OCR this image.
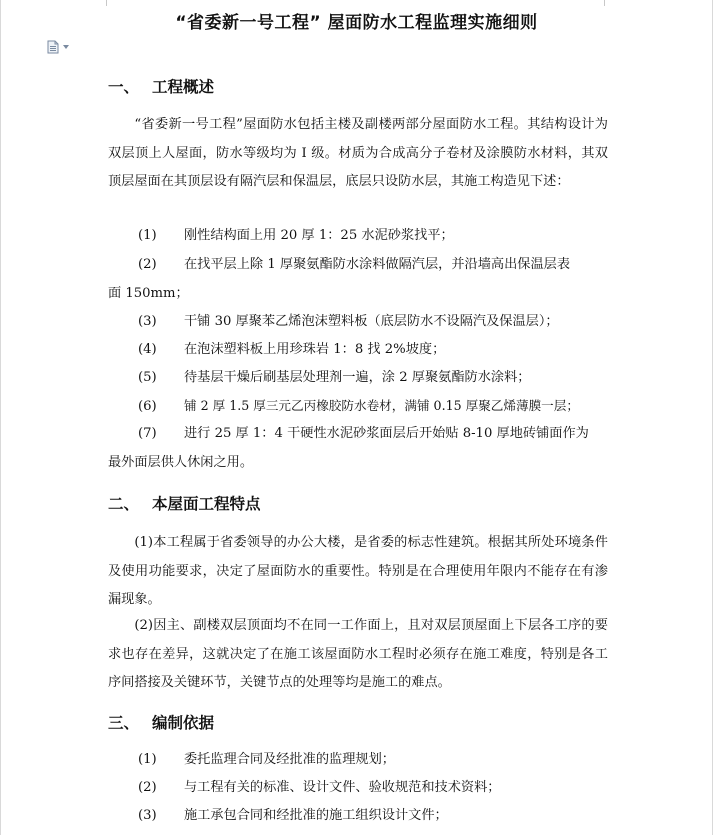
“省委新一号工程” 屋面防水工程监理实施细则
一、 工程概述
“省委新一号工程”屋面防水包括主楼及副楼两部分屋面防水工程。其结构设计为双层顶上人屋面，防水等级均为 I 级。材质为合成高分子卷材及涂膜防水材料，其双顶层屋面在其顶层设有隔汽层和保温层，底层只设防水层，其施工构造见下述：
(1) 刚性结构面上用 20 厚 1：25 水泥砂浆找平；
(2) 在找平层上除 1 厚聚氨酯防水涂料做隔汽层，并沿墙高出保温层表
面 150mm；
(3) 干铺 30 厚聚苯乙烯泡沫塑料板（底层防水不设隔汽及保温层）；
(4) 在泡沫塑料板上用珍珠岩 1：8 找 2%坡度；
(5) 待基层干燥后刷基层处理剂一遍，涂 2 厚聚氨酯防水涂料；
(6) 铺 2 厚 1.5 厚三元乙丙橡胶防水卷材，满铺 0.15 厚聚乙烯薄膜一层；
(7) 进行 25 厚 1：4 干硬性水泥砂浆面层后开始贴 8-10 厚地砖铺面作为
最外面层供人休闲之用。
二、 本屋面工程特点
(1)本工程属于省委领导的办公大楼，是省委的标志性建筑。根据其所处环境条件及使用功能要求，决定了屋面防水的重要性。特别是在合理使用年限内不能存在有渗漏现象。
(2)因主、副楼双层顶面均不在同一工作面上，且对双层顶屋面上下层各工序的要求也存在差异，这就决定了在施工该屋面防水工程时必须存在施工难度，特别是各工序间搭接及关键环节，关键节点的处理等均是施工的难点。
三、 编制依据
(1) 委托监理合同及经批准的监理规划；
(2) 与工程有关的标准、设计文件、验收规范和技术资料；
(3) 施工承包合同和经批准的施工组织设计文件；
